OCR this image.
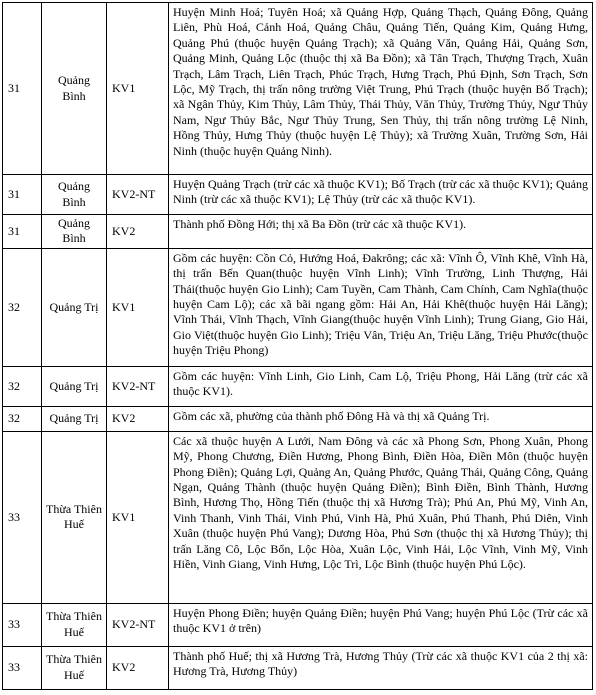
31	Quảng Bình	KV1	Huyện Minh Hoá; Tuyên Hoá; xã Quảng Hợp, Quảng Thạch, Quảng Đông, Quảng Liên, Phù Hoá, Cảnh Hoá, Quảng Châu, Quảng Tiến, Quảng Kim, Quảng Hưng, Quảng Phú (thuộc huyện Quảng Trạch); xã Quảng Văn, Quảng Hải, Quảng Sơn, Quảng Minh, Quảng Lộc (thuộc thị xã Ba Đồn); xã Tân Trạch, Thượng Trạch, Xuân Trạch, Lâm Trạch, Liên Trạch, Phúc Trạch, Hưng Trạch, Phú Định, Sơn Trạch, Sơn Lộc, Mỹ Trạch, thị trấn nông trường Việt Trung, Phú Trạch (thuộc huyện Bố Trạch); xã Ngân Thủy, Kim Thủy, Lâm Thủy, Thái Thủy, Văn Thủy, Trường Thủy, Ngư Thủy Nam, Ngư Thủy Bắc, Ngư Thủy Trung, Sen Thủy, thị trấn nông trường Lệ Ninh, Hồng Thủy, Hưng Thủy (thuộc huyện Lệ Thủy); xã Trường Xuân, Trường Sơn, Hải Ninh (thuộc huyện Quảng Ninh).
31	Quảng Bình	KV2-NT	Huyện Quảng Trạch (trừ các xã thuộc KV1); Bố Trạch (trừ các xã thuộc KV1); Quảng Ninh (trừ các xã thuộc KV1); Lệ Thủy (trừ các xã thuộc KV1).
31	Quảng Bình	KV2	Thành phố Đồng Hới; thị xã Ba Đồn (trừ các xã thuộc KV1).
32	Quảng Trị	KV1	Gồm các huyện: Cồn Cỏ, Hướng Hoá, Đakrông; các xã: Vĩnh Ô, Vĩnh Khê, Vĩnh Hà, thị trấn Bến Quan(thuộc huyện Vĩnh Linh); Vĩnh Trường, Linh Thượng, Hải Thái(thuộc huyện Gio Linh); Cam Tuyền, Cam Thành, Cam Chính, Cam Nghĩa(thuộc huyện Cam Lộ); các xã bãi ngang gồm: Hải An, Hải Khê(thuộc huyện Hải Lăng); Vĩnh Thái, Vĩnh Thạch, Vĩnh Giang(thuộc huyện Vĩnh Linh); Trung Giang, Gio Hải, Gio Việt(thuộc huyện Gio Linh); Triệu Vân, Triệu An, Triệu Lăng, Triệu Phước(thuộc huyện Triệu Phong)
32	Quảng Trị	KV2-NT	Gồm các huyện: Vĩnh Linh, Gio Linh, Cam Lộ, Triệu Phong, Hải Lăng (trừ các xã thuộc KV1).
32	Quảng Trị	KV2	Gồm các xã, phường của thành phố Đông Hà và thị xã Quảng Trị.
33	Thừa Thiên Huế	KV1	Các xã thuộc huyện A Lưới, Nam Đông và các xã Phong Sơn, Phong Xuân, Phong Mỹ, Phong Chương, Điền Hương, Phong Bình, Điền Hòa, Điền Môn (thuộc huyện Phong Điền); Quảng Lợi, Quảng An, Quảng Phước, Quảng Thái, Quảng Công, Quảng Ngạn, Quảng Thành (thuộc huyện Quảng Điền); Bình Điền, Bình Thành, Hương Bình, Hương Thọ, Hồng Tiến (thuộc thị xã Hương Trà); Phú An, Phú Mỹ, Vinh An, Vinh Thanh, Vinh Thái, Vinh Phú, Vinh Hà, Phú Xuân, Phú Thanh, Phú Diên, Vinh Xuân (thuộc huyện Phú Vang); Dương Hòa, Phú Sơn (thuộc thị xã Hương Thủy); thị trấn Lăng Cô, Lộc Bổn, Lộc Hòa, Xuân Lộc, Vinh Hải, Lộc Vĩnh, Vinh Mỹ, Vinh Hiền, Vinh Giang, Vinh Hưng, Lộc Trì, Lộc Bình (thuộc huyện Phú Lộc).
33	Thừa Thiên Huế	KV2-NT	Huyện Phong Điền; huyện Quảng Điền; huyện Phú Vang; huyện Phú Lộc (Trừ các xã thuộc KV1 ở trên)
33	Thừa Thiên Huế	KV2	Thành phố Huế; thị xã Hương Trà, Hương Thủy (Trừ các xã thuộc KV1 của 2 thị xã: Hương Trà, Hương Thủy)
